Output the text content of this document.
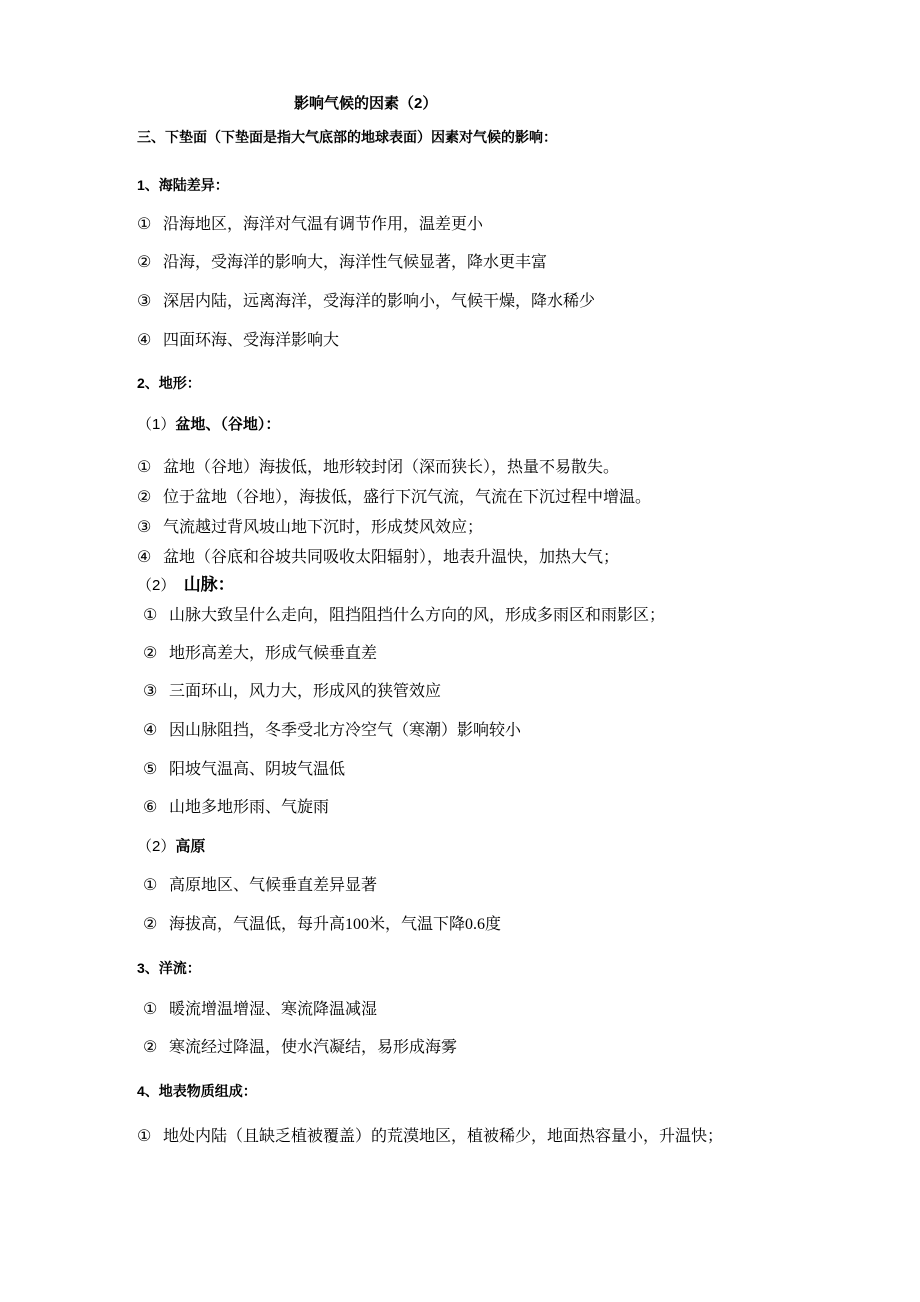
影响气候的因素（2）
三、下垫面（下垫面是指大气底部的地球表面）因素对气候的影响：
1、海陆差异：
① 沿海地区，海洋对气温有调节作用，温差更小
② 沿海，受海洋的影响大，海洋性气候显著，降水更丰富
③ 深居内陆，远离海洋，受海洋的影响小，气候干燥，降水稀少
④ 四面环海、受海洋影响大
2、地形：
（1）盆地、（谷地）：
① 盆地（谷地）海拔低，地形较封闭（深而狭长），热量不易散失。
② 位于盆地（谷地），海拔低，盛行下沉气流，气流在下沉过程中增温。
③ 气流越过背风坡山地下沉时，形成焚风效应；
④ 盆地（谷底和谷坡共同吸收太阳辐射），地表升温快，加热大气；
（2） 山脉：
① 山脉大致呈什么走向，阻挡阻挡什么方向的风，形成多雨区和雨影区；
② 地形高差大，形成气候垂直差
③ 三面环山，风力大，形成风的狭管效应
④ 因山脉阻挡，冬季受北方冷空气（寒潮）影响较小
⑤ 阳坡气温高、阴坡气温低
⑥ 山地多地形雨、气旋雨
（2）高原
① 高原地区、气候垂直差异显著
② 海拔高，气温低，每升高100米，气温下降0.6度
3、洋流：
① 暖流增温增湿、寒流降温减湿
② 寒流经过降温，使水汽凝结，易形成海雾
4、地表物质组成：
① 地处内陆（且缺乏植被覆盖）的荒漠地区，植被稀少，地面热容量小，升温快；
